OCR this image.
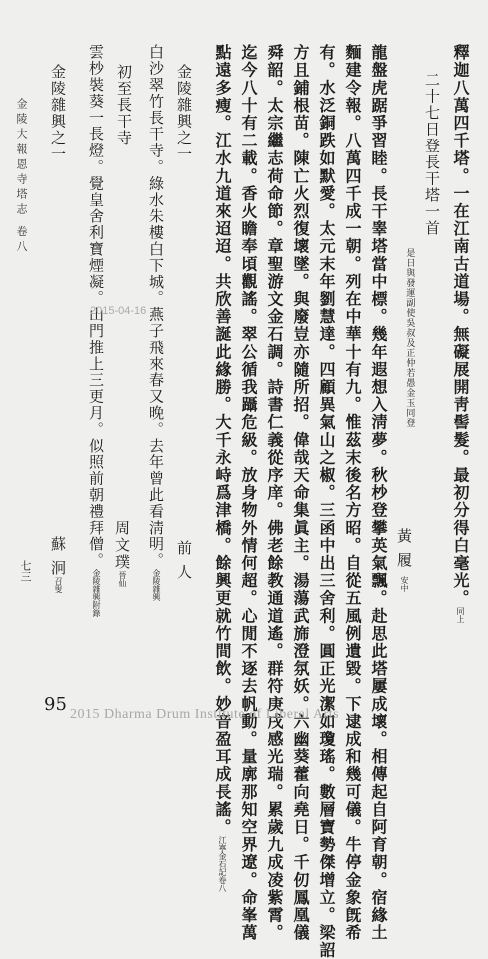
釋迦八萬四千塔。一在江南古道場。無礙展開靑髻髮。最初分得白毫光。同上
二十七日登長干塔一首
是日與發運副使吳叔及正仲若愚金玉同登
黃 履 安中
龍盤虎踞爭習睦。長干睾塔當中標。幾年遐想入淸夢。秋杪登攀英氣飄。赴思此塔屢成壞。相傳起自阿育朝。宿緣土
麵建令報。八萬四千成一朝。列在中華十有九。惟茲末後名方昭。自從五風例遺毀。下逮成和幾可儀。牛停金象旣希
有。水泛銅跌如默愛。太元末年劉慧達。四顧異氣山之椒。三函中出三舍利。圓正光潔如瓊瑤。數層寶勢傑增立。梁詔
方且鋪根苗。陳亡火烈復壞墜。與廢豈亦隨所招。偉哉天命集眞主。湯蕩武旆澄氛妖。六幽葵藿向堯日。千仞鳳凰儀
舜韶。太宗繼志荷命節。章聖游文金石調。詩書仁義從序庠。佛老餘教通道遙。群符庚戌感光瑞。累歲九成凌紫霄。
迄今八十有二載。香火瞻奉頃觀謠。翠公循我躡危級。放身物外情何超。心閒不逐去帆動。量廓那知空界遼。命峯萬
點遠多瘦。江水九道來迢迢。共欣善誕此緣勝。大千永峙爲津橋。餘興更就竹間飲。妙音盈耳成長謠。江寧金石記卷八
金陵雜興之一
前 人
白沙翠竹長干寺。綠水朱樓白下城。燕子飛來春又晚。去年曾此看淸明。金陵雜興
初至長干寺
周文璞晉仙
雲杪裝葵一長燈。覺皇舍利寶煙凝。山門推上三更月。似照前朝禮拜僧。金陵雜興附錄
金陵雜興之一
蘇 泂召叟
金陵大報恩寺塔志 卷八
七三
2015-04-16
95 2015 Dharma Drum Institute of Liberal Arts
